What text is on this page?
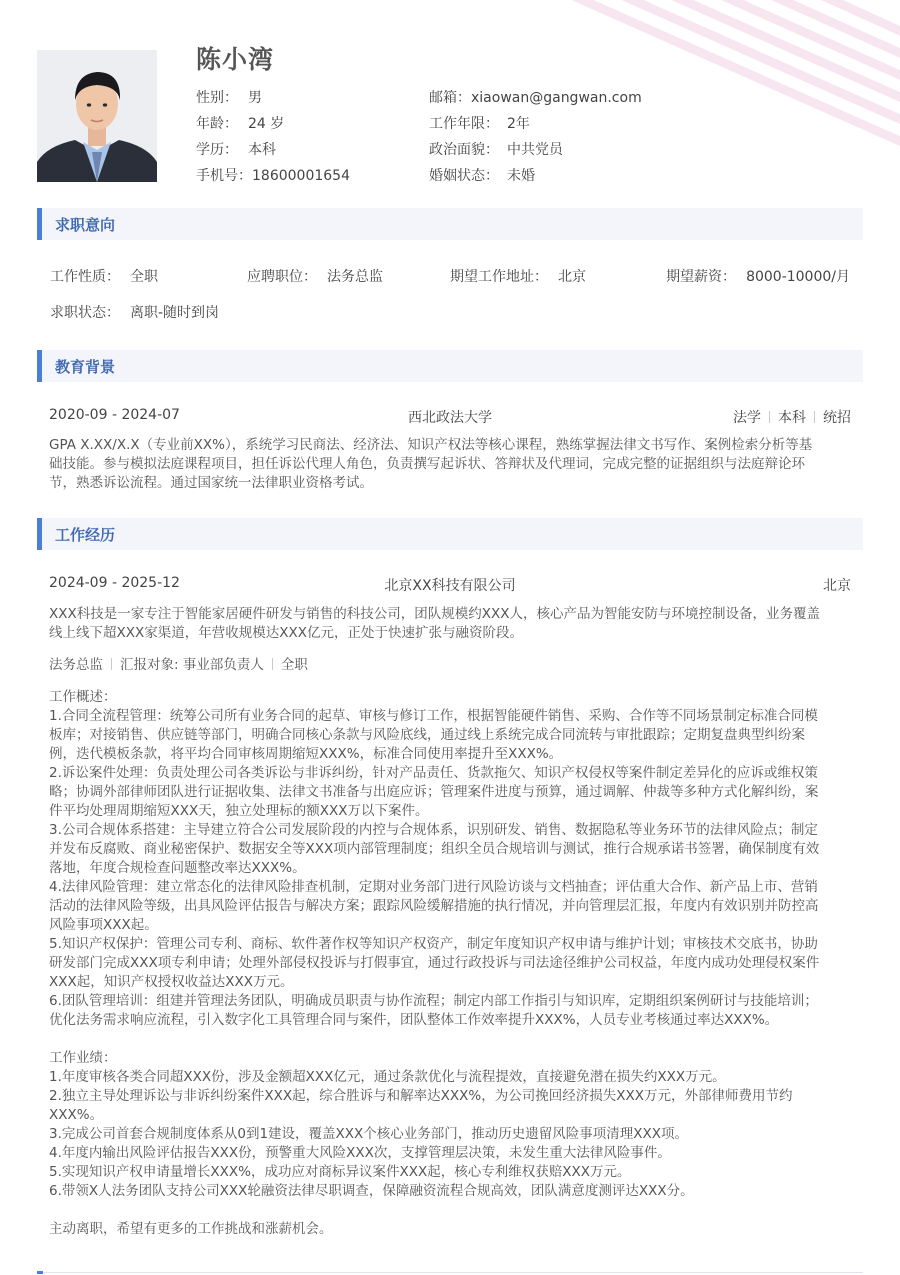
陈小湾
性别： 男
年龄： 24 岁
学历： 本科
手机号：18600001654
邮箱：xiaowan@gangwan.com
工作年限： 2年
政治面貌： 中共党员
婚姻状态： 未婚
求职意向
工作性质： 全职	应聘职位： 法务总监	期望工作地址： 北京	期望薪资： 8000-10000/月
求职状态： 离职-随时到岗
教育背景
2020-09 - 2024-07	西北政法大学	法学 本科 统招
GPA X.XX/X.X（专业前XX%），系统学习民商法、经济法、知识产权法等核心课程，熟练掌握法律文书写作、案例检索分析等基
础技能。参与模拟法庭课程项目，担任诉讼代理人角色，负责撰写起诉状、答辩状及代理词，完成完整的证据组织与法庭辩论环
节，熟悉诉讼流程。通过国家统一法律职业资格考试。
工作经历
2024-09 - 2025-12	北京XX科技有限公司	北京
XXX科技是一家专注于智能家居硬件研发与销售的科技公司，团队规模约XXX人，核心产品为智能安防与环境控制设备，业务覆盖
线上线下超XXX家渠道，年营收规模达XXX亿元，正处于快速扩张与融资阶段。
法务总监 汇报对象: 事业部负责人 全职
工作概述：
1.合同全流程管理：统筹公司所有业务合同的起草、审核与修订工作，根据智能硬件销售、采购、合作等不同场景制定标准合同模
板库；对接销售、供应链等部门，明确合同核心条款与风险底线，通过线上系统完成合同流转与审批跟踪；定期复盘典型纠纷案
例，迭代模板条款，将平均合同审核周期缩短XXX%，标准合同使用率提升至XXX%。
2.诉讼案件处理：负责处理公司各类诉讼与非诉纠纷，针对产品责任、货款拖欠、知识产权侵权等案件制定差异化的应诉或维权策
略；协调外部律师团队进行证据收集、法律文书准备与出庭应诉；管理案件进度与预算，通过调解、仲裁等多种方式化解纠纷，案
件平均处理周期缩短XXX天，独立处理标的额XXX万以下案件。
3.公司合规体系搭建：主导建立符合公司发展阶段的内控与合规体系，识别研发、销售、数据隐私等业务环节的法律风险点；制定
并发布反腐败、商业秘密保护、数据安全等XXX项内部管理制度；组织全员合规培训与测试，推行合规承诺书签署，确保制度有效
落地，年度合规检查问题整改率达XXX%。
4.法律风险管理：建立常态化的法律风险排查机制，定期对业务部门进行风险访谈与文档抽查；评估重大合作、新产品上市、营销
活动的法律风险等级，出具风险评估报告与解决方案；跟踪风险缓解措施的执行情况，并向管理层汇报，年度内有效识别并防控高
风险事项XXX起。
5.知识产权保护：管理公司专利、商标、软件著作权等知识产权资产，制定年度知识产权申请与维护计划；审核技术交底书，协助
研发部门完成XXX项专利申请；处理外部侵权投诉与打假事宜，通过行政投诉与司法途径维护公司权益，年度内成功处理侵权案件
XXX起，知识产权授权收益达XXX万元。
6.团队管理培训：组建并管理法务团队，明确成员职责与协作流程；制定内部工作指引与知识库，定期组织案例研讨与技能培训；
优化法务需求响应流程，引入数字化工具管理合同与案件，团队整体工作效率提升XXX%，人员专业考核通过率达XXX%。
工作业绩：
1.年度审核各类合同超XXX份，涉及金额超XXX亿元，通过条款优化与流程提效，直接避免潜在损失约XXX万元。
2.独立主导处理诉讼与非诉纠纷案件XXX起，综合胜诉与和解率达XXX%，为公司挽回经济损失XXX万元，外部律师费用节约
XXX%。
3.完成公司首套合规制度体系从0到1建设，覆盖XXX个核心业务部门，推动历史遗留风险事项清理XXX项。
4.年度内输出风险评估报告XXX份，预警重大风险XXX次，支撑管理层决策，未发生重大法律风险事件。
5.实现知识产权申请量增长XXX%，成功应对商标异议案件XXX起，核心专利维权获赔XXX万元。
6.带领X人法务团队支持公司XXX轮融资法律尽职调查，保障融资流程合规高效，团队满意度测评达XXX分。
主动离职，希望有更多的工作挑战和涨薪机会。
